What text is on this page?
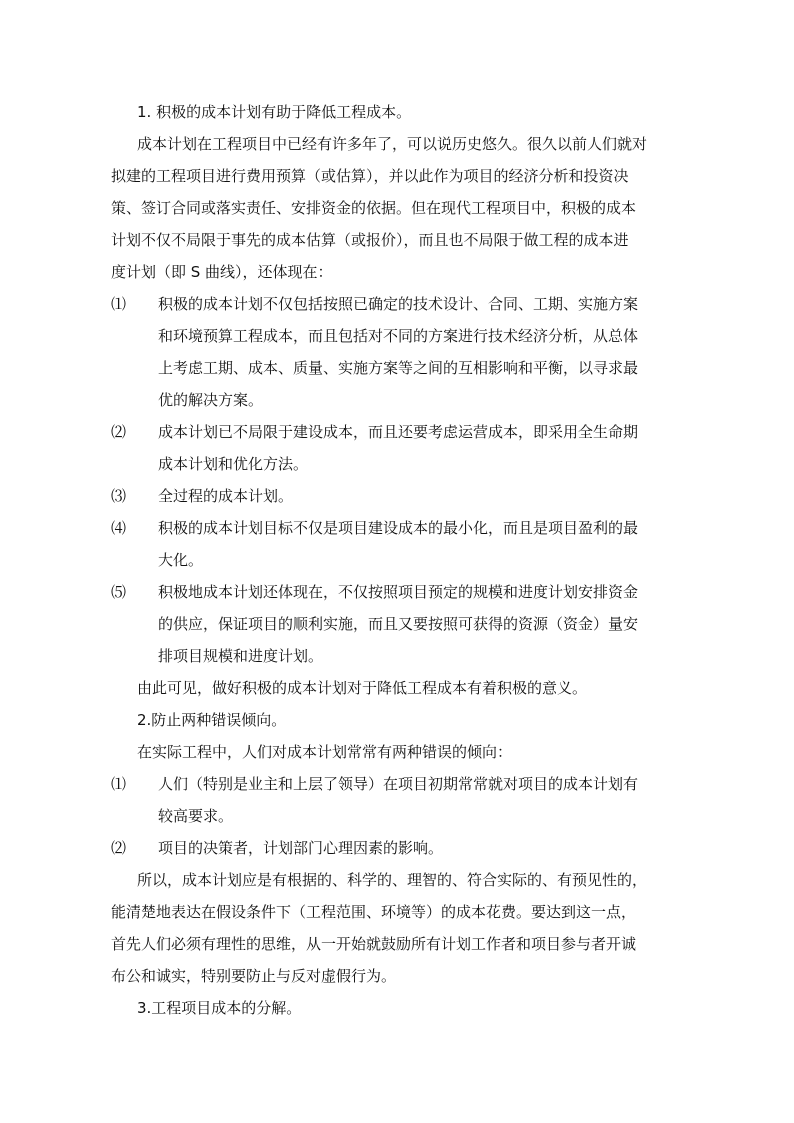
1. 积极的成本计划有助于降低工程成本。
成本计划在工程项目中已经有许多年了，可以说历史悠久。很久以前人们就对
拟建的工程项目进行费用预算（或估算），并以此作为项目的经济分析和投资决
策、签订合同或落实责任、安排资金的依据。但在现代工程项目中，积极的成本
计划不仅不局限于事先的成本估算（或报价），而且也不局限于做工程的成本进
度计划（即 S 曲线），还体现在：
⑴ 积极的成本计划不仅包括按照已确定的技术设计、合同、工期、实施方案
和环境预算工程成本，而且包括对不同的方案进行技术经济分析，从总体
上考虑工期、成本、质量、实施方案等之间的互相影响和平衡，以寻求最
优的解决方案。
⑵ 成本计划已不局限于建设成本，而且还要考虑运营成本，即采用全生命期
成本计划和优化方法。
⑶ 全过程的成本计划。
⑷ 积极的成本计划目标不仅是项目建设成本的最小化，而且是项目盈利的最
大化。
⑸ 积极地成本计划还体现在，不仅按照项目预定的规模和进度计划安排资金
的供应，保证项目的顺利实施，而且又要按照可获得的资源（资金）量安
排项目规模和进度计划。
由此可见，做好积极的成本计划对于降低工程成本有着积极的意义。
2.防止两种错误倾向。
在实际工程中，人们对成本计划常常有两种错误的倾向：
⑴ 人们（特别是业主和上层了领导）在项目初期常常就对项目的成本计划有
较高要求。
⑵ 项目的决策者，计划部门心理因素的影响。
所以，成本计划应是有根据的、科学的、理智的、符合实际的、有预见性的，
能清楚地表达在假设条件下（工程范围、环境等）的成本花费。要达到这一点，
首先人们必须有理性的思维，从一开始就鼓励所有计划工作者和项目参与者开诚
布公和诚实，特别要防止与反对虚假行为。
3.工程项目成本的分解。
